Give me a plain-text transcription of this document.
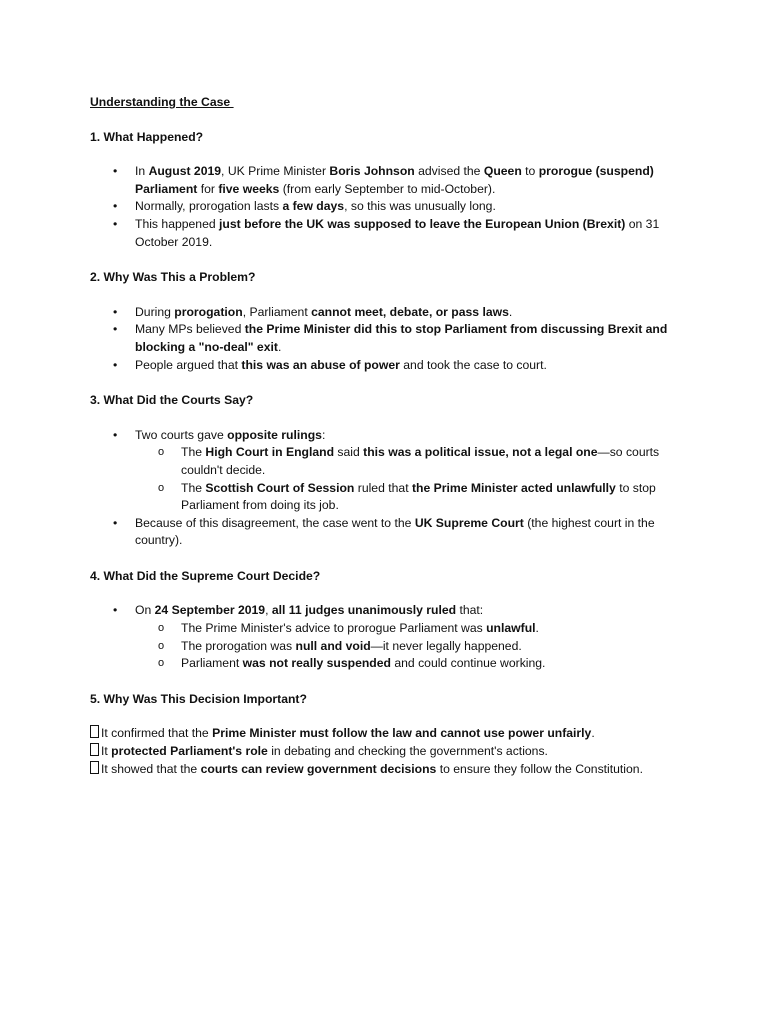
Understanding the Case
1. What Happened?
• In August 2019, UK Prime Minister Boris Johnson advised the Queen to prorogue (suspend) Parliament for five weeks (from early September to mid-October).
• Normally, prorogation lasts a few days, so this was unusually long.
• This happened just before the UK was supposed to leave the European Union (Brexit) on 31 October 2019.
2. Why Was This a Problem?
• During prorogation, Parliament cannot meet, debate, or pass laws.
• Many MPs believed the Prime Minister did this to stop Parliament from discussing Brexit and blocking a "no-deal" exit.
• People argued that this was an abuse of power and took the case to court.
3. What Did the Courts Say?
• Two courts gave opposite rulings:
o The High Court in England said this was a political issue, not a legal one—so courts couldn't decide.
o The Scottish Court of Session ruled that the Prime Minister acted unlawfully to stop Parliament from doing its job.
• Because of this disagreement, the case went to the UK Supreme Court (the highest court in the country).
4. What Did the Supreme Court Decide?
• On 24 September 2019, all 11 judges unanimously ruled that:
o The Prime Minister's advice to prorogue Parliament was unlawful.
o The prorogation was null and void—it never legally happened.
o Parliament was not really suspended and could continue working.
5. Why Was This Decision Important?
It confirmed that the Prime Minister must follow the law and cannot use power unfairly.
It protected Parliament's role in debating and checking the government's actions.
It showed that the courts can review government decisions to ensure they follow the Constitution.
